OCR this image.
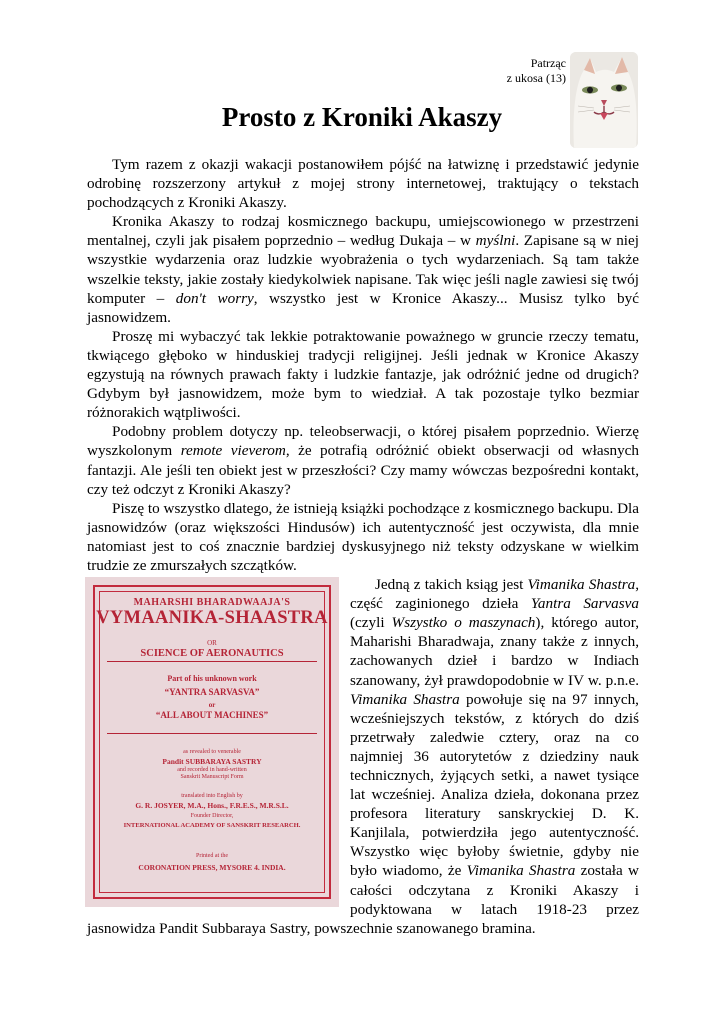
Patrząc
z ukosa (13)
Prosto z Kroniki Akaszy

Tym razem z okazji wakacji postanowiłem pójść na łatwiznę i przedstawić jedynie odrobinę rozszerzony artykuł z mojej strony internetowej, traktujący o tekstach pochodzących z Kroniki Akaszy.

Kronika Akaszy to rodzaj kosmicznego backupu, umiejscowionego w przestrzeni mentalnej, czyli jak pisałem poprzednio – według Dukaja – w myślni. Zapisane są w niej wszystkie wydarzenia oraz ludzkie wyobrażenia o tych wydarzeniach. Są tam także wszelkie teksty, jakie zostały kiedykolwiek napisane. Tak więc jeśli nagle zawiesi się twój komputer – don't worry, wszystko jest w Kronice Akaszy... Musisz tylko być jasnowidzem.

Proszę mi wybaczyć tak lekkie potraktowanie poważnego w gruncie rzeczy tematu, tkwiącego głęboko w hinduskiej tradycji religijnej. Jeśli jednak w Kronice Akaszy egzystują na równych prawach fakty i ludzkie fantazje, jak odróżnić jedne od drugich? Gdybym był jasnowidzem, może bym to wiedział. A tak pozostaje tylko bezmiar różnorakich wątpliwości.

Podobny problem dotyczy np. teleobserwacji, o której pisałem poprzednio. Wierzę wyszkolonym remote vieverom, że potrafią odróżnić obiekt obserwacji od własnych fantazji. Ale jeśli ten obiekt jest w przeszłości? Czy mamy wówczas bezpośredni kontakt, czy też odczyt z Kroniki Akaszy?

Piszę to wszystko dlatego, że istnieją książki pochodzące z kosmicznego backupu. Dla jasnowidzów (oraz większości Hindusów) ich autentyczność jest oczywista, dla mnie natomiast jest to coś znacznie bardziej dyskusyjnego niż teksty odzyskane w wielkim trudzie ze zmurszałych szczątków.

MAHARSHI BHARADWAAJA'S
VYMAANIKA-SHAASTRA
OR
SCIENCE OF AERONAUTICS
Part of his unknown work
“YANTRA SARVASVA”
or
“ALL ABOUT MACHINES”
as revealed to venerable
Pandit SUBBARAYA SASTRY
and recorded in hand-written
Sanskrit Manuscript Form
translated into English by
G. R. JOSYER, M.A., Hons., F.R.E.S., M.R.S.L.
Founder Director,
INTERNATIONAL ACADEMY OF SANSKRIT RESEARCH.
Printed at the
CORONATION PRESS, MYSORE 4. INDIA.

Jedną z takich ksiąg jest Vimanika Shastra, część zaginionego dzieła Yantra Sarvasva (czyli Wszystko o maszynach), którego autor, Maharishi Bharadwaja, znany także z innych, zachowanych dzieł i bardzo w Indiach szanowany, żył prawdopodobnie w IV w. p.n.e. Vimanika Shastra powołuje się na 97 innych, wcześniejszych tekstów, z których do dziś przetrwały zaledwie cztery, oraz na co najmniej 36 autorytetów z dziedziny nauk technicznych, żyjących setki, a nawet tysiące lat wcześniej. Analiza dzieła, dokonana przez profesora literatury sanskryckiej D. K. Kanjilala, potwierdziła jego autentyczność. Wszystko więc byłoby świetnie, gdyby nie było wiadomo, że Vimanika Shastra została w całości odczytana z Kroniki Akaszy i podyktowana w latach 1918-23 przez jasnowidza Pandit Subbaraya Sastry, powszechnie szanowanego bramina.
